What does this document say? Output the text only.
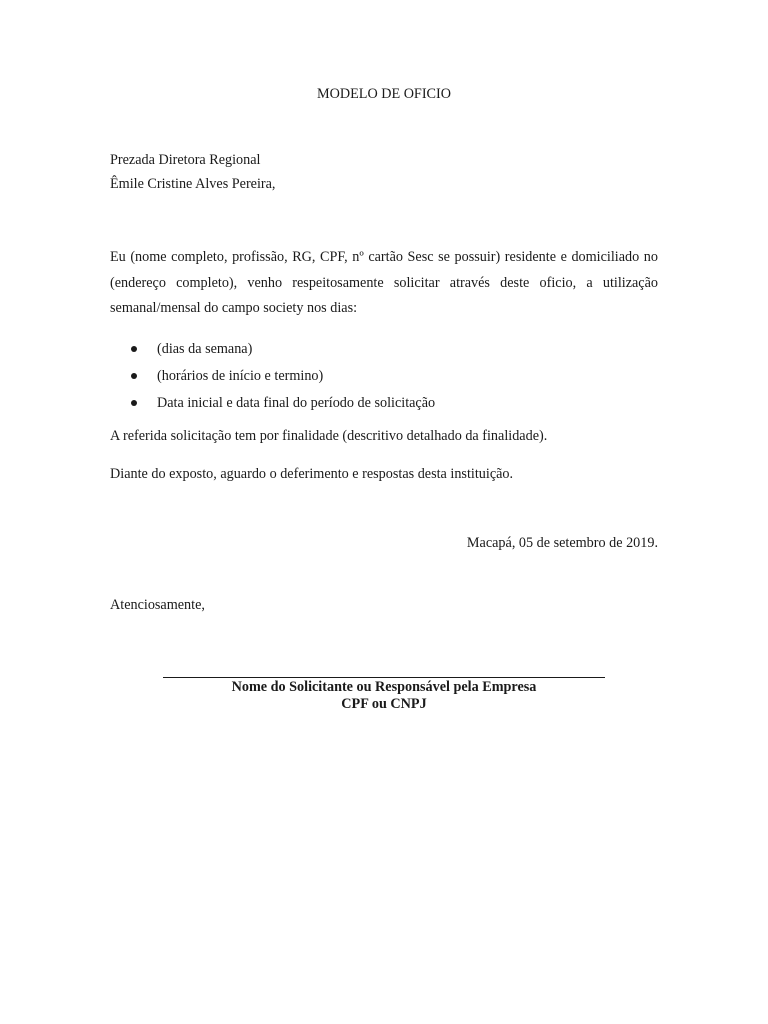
MODELO DE OFICIO
Prezada Diretora Regional
Êmile Cristine Alves Pereira,
Eu (nome completo, profissão, RG, CPF, nº cartão Sesc se possuir) residente e domiciliado no (endereço completo), venho respeitosamente solicitar através deste oficio, a utilização semanal/mensal do campo society nos dias:
(dias da semana)
(horários de início e termino)
Data inicial e data final do período de solicitação
A referida solicitação tem por finalidade (descritivo detalhado da finalidade).
Diante do exposto, aguardo o deferimento e respostas desta instituição.
Macapá, 05 de setembro de 2019.
Atenciosamente,
Nome do Solicitante ou Responsável pela Empresa
CPF ou CNPJ
